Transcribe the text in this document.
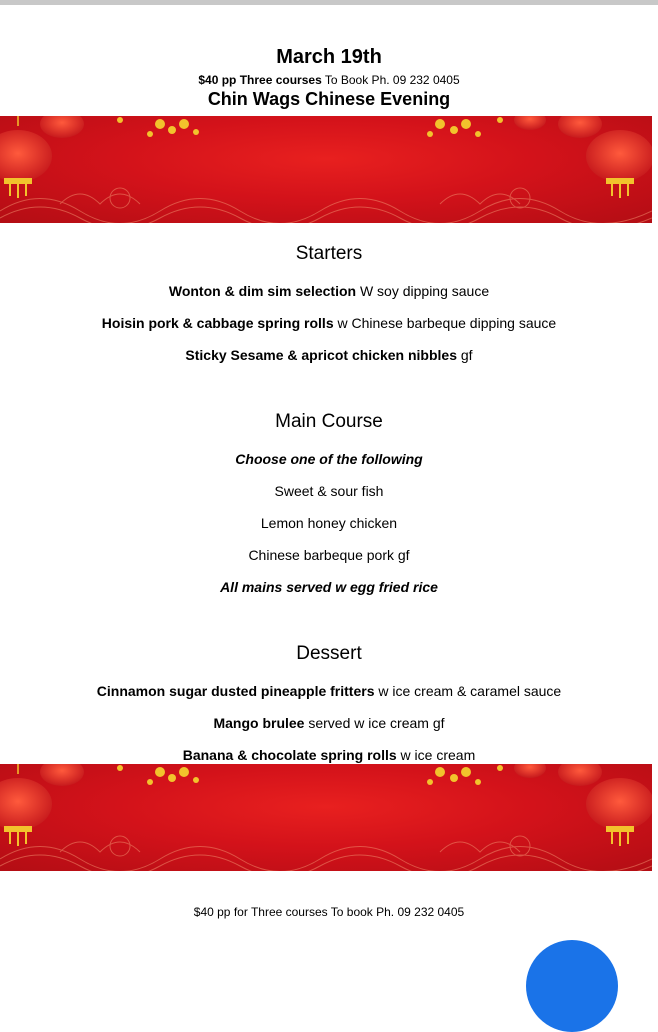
March 19th
$40 pp Three courses To Book Ph. 09 232 0405
Chin Wags Chinese Evening
Starters
Wonton & dim sim selection W soy dipping sauce
Hoisin pork & cabbage spring rolls w Chinese barbeque dipping sauce
Sticky Sesame & apricot chicken nibbles gf
Main Course
Choose one of the following
Sweet & sour fish
Lemon honey chicken
Chinese barbeque pork gf
All mains served w egg fried rice
Dessert
Cinnamon sugar dusted pineapple fritters w ice cream & caramel sauce
Mango brulee served w ice cream gf
Banana & chocolate spring rolls w ice cream
$40 pp for Three courses To book Ph. 09 232 0405
